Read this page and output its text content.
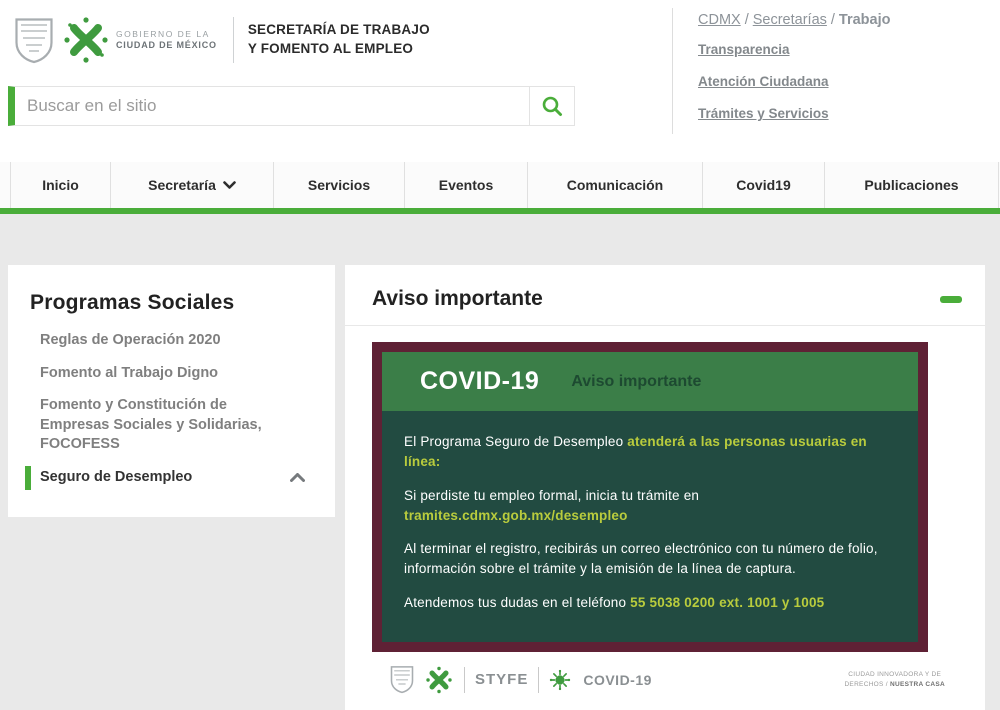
GOBIERNO DE LA
CIUDAD DE MÉXICO
SECRETARÍA DE TRABAJO
Y FOMENTO AL EMPLEO
Buscar en el sitio
CDMX / Secretarías / Trabajo
Transparencia
Atención Ciudadana
Trámites y Servicios
Inicio	Secretaría	Servicios	Eventos	Comunicación	Covid19	Publicaciones
Programas Sociales
Reglas de Operación 2020
Fomento al Trabajo Digno
Fomento y Constitución de Empresas Sociales y Solidarias, FOCOFESS
Seguro de Desempleo
Aviso importante
COVID-19 Aviso importante

El Programa Seguro de Desempleo atenderá a las personas usuarias en línea:

Si perdiste tu empleo formal, inicia tu trámite en
tramites.cdmx.gob.mx/desempleo

Al terminar el registro, recibirás un correo electrónico con tu número de folio, información sobre el trámite y la emisión de la línea de captura.

Atendemos tus dudas en el teléfono 55 5038 0200 ext. 1001 y 1005

STYFE	COVID-19	CIUDAD INNOVADORA Y DE
DERECHOS / NUESTRA CASA
